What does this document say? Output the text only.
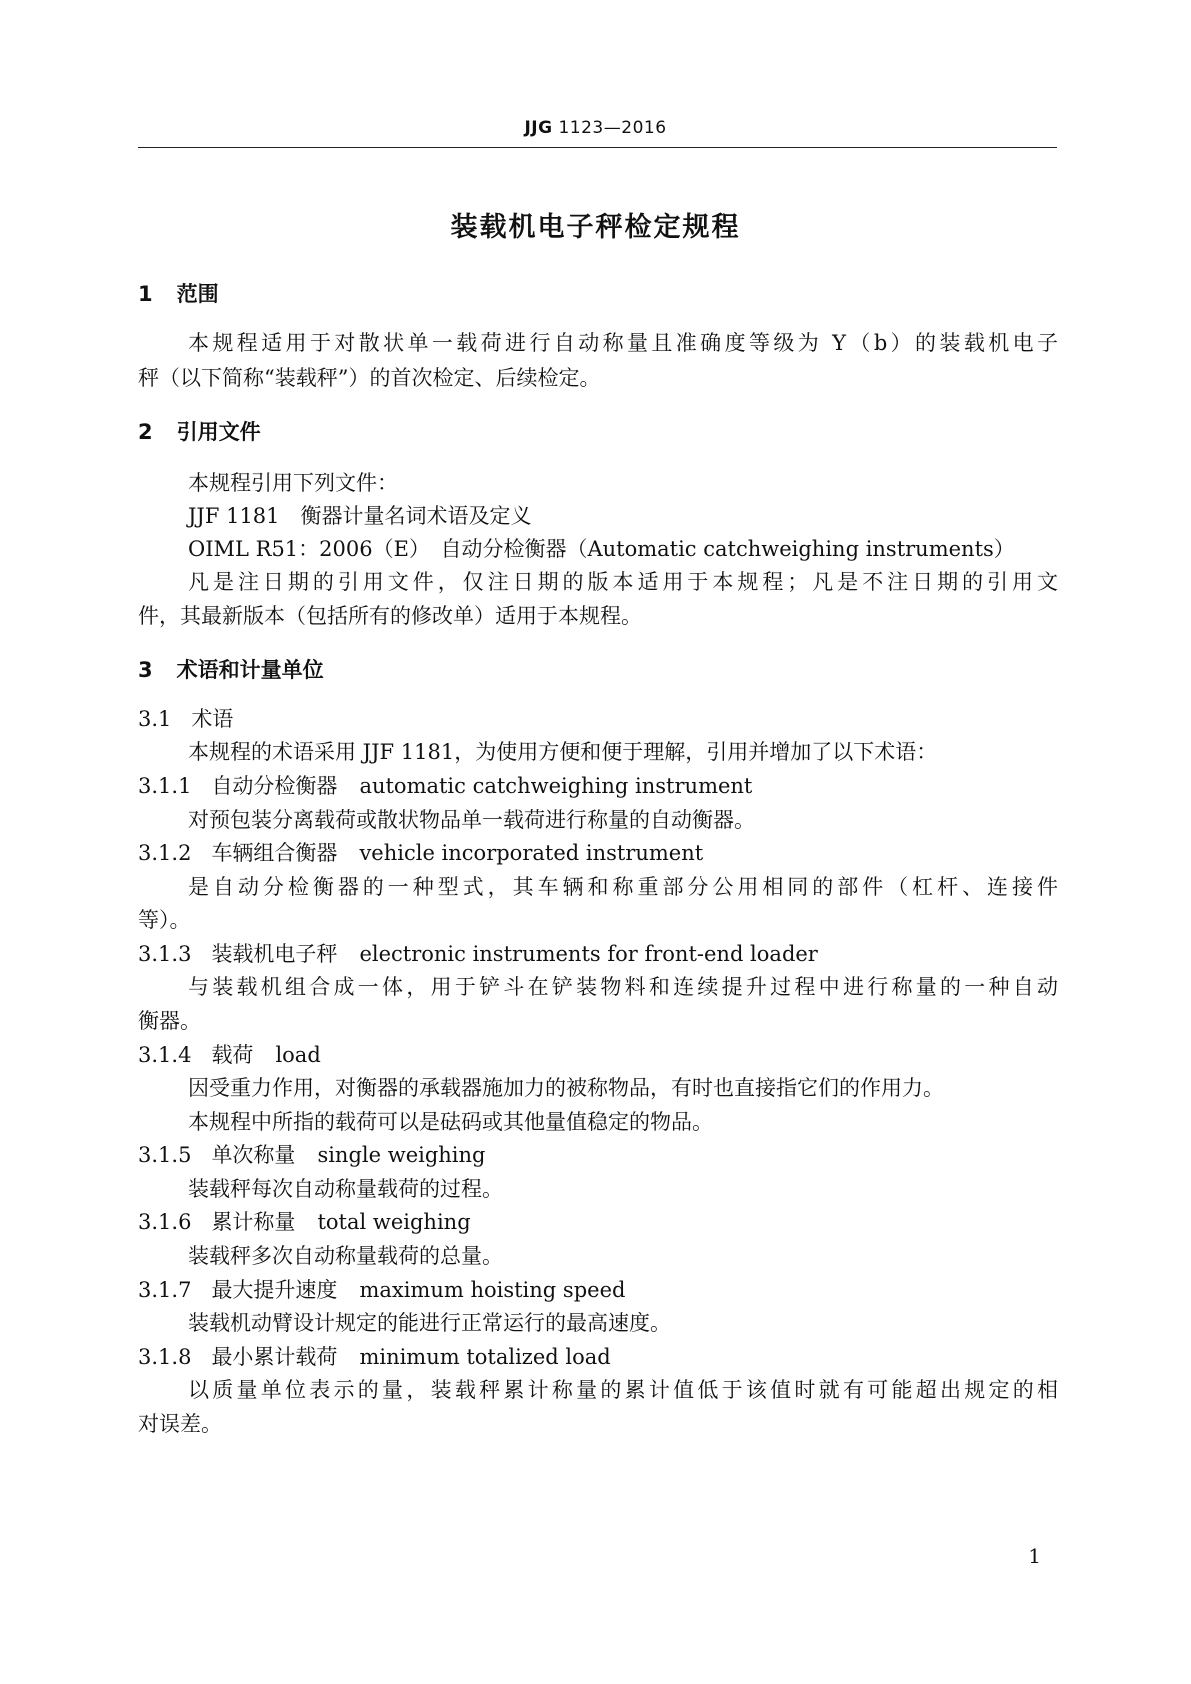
JJG 1123—2016
装载机电子秤检定规程
1 范围
本规程适用于对散状单一载荷进行自动称量且准确度等级为 Y（b）的装载机电子
秤（以下简称“装载秤”）的首次检定、后续检定。
2 引用文件
本规程引用下列文件：
JJF 1181　衡器计量名词术语及定义
OIML R51：2006（E）　自动分检衡器（Automatic catchweighing instruments）
凡是注日期的引用文件，仅注日期的版本适用于本规程；凡是不注日期的引用文
件，其最新版本（包括所有的修改单）适用于本规程。
3 术语和计量单位
3.1 术语
本规程的术语采用 JJF 1181，为使用方便和便于理解，引用并增加了以下术语：
3.1.1 自动分检衡器 automatic catchweighing instrument
对预包装分离载荷或散状物品单一载荷进行称量的自动衡器。
3.1.2 车辆组合衡器 vehicle incorporated instrument
是自动分检衡器的一种型式，其车辆和称重部分公用相同的部件（杠杆、连接件
等）。
3.1.3 装载机电子秤 electronic instruments for front-end loader
与装载机组合成一体，用于铲斗在铲装物料和连续提升过程中进行称量的一种自动
衡器。
3.1.4 载荷 load
因受重力作用，对衡器的承载器施加力的被称物品，有时也直接指它们的作用力。
本规程中所指的载荷可以是砝码或其他量值稳定的物品。
3.1.5 单次称量 single weighing
装载秤每次自动称量载荷的过程。
3.1.6 累计称量 total weighing
装载秤多次自动称量载荷的总量。
3.1.7 最大提升速度 maximum hoisting speed
装载机动臂设计规定的能进行正常运行的最高速度。
3.1.8 最小累计载荷 minimum totalized load
以质量单位表示的量，装载秤累计称量的累计值低于该值时就有可能超出规定的相
对误差。
1
